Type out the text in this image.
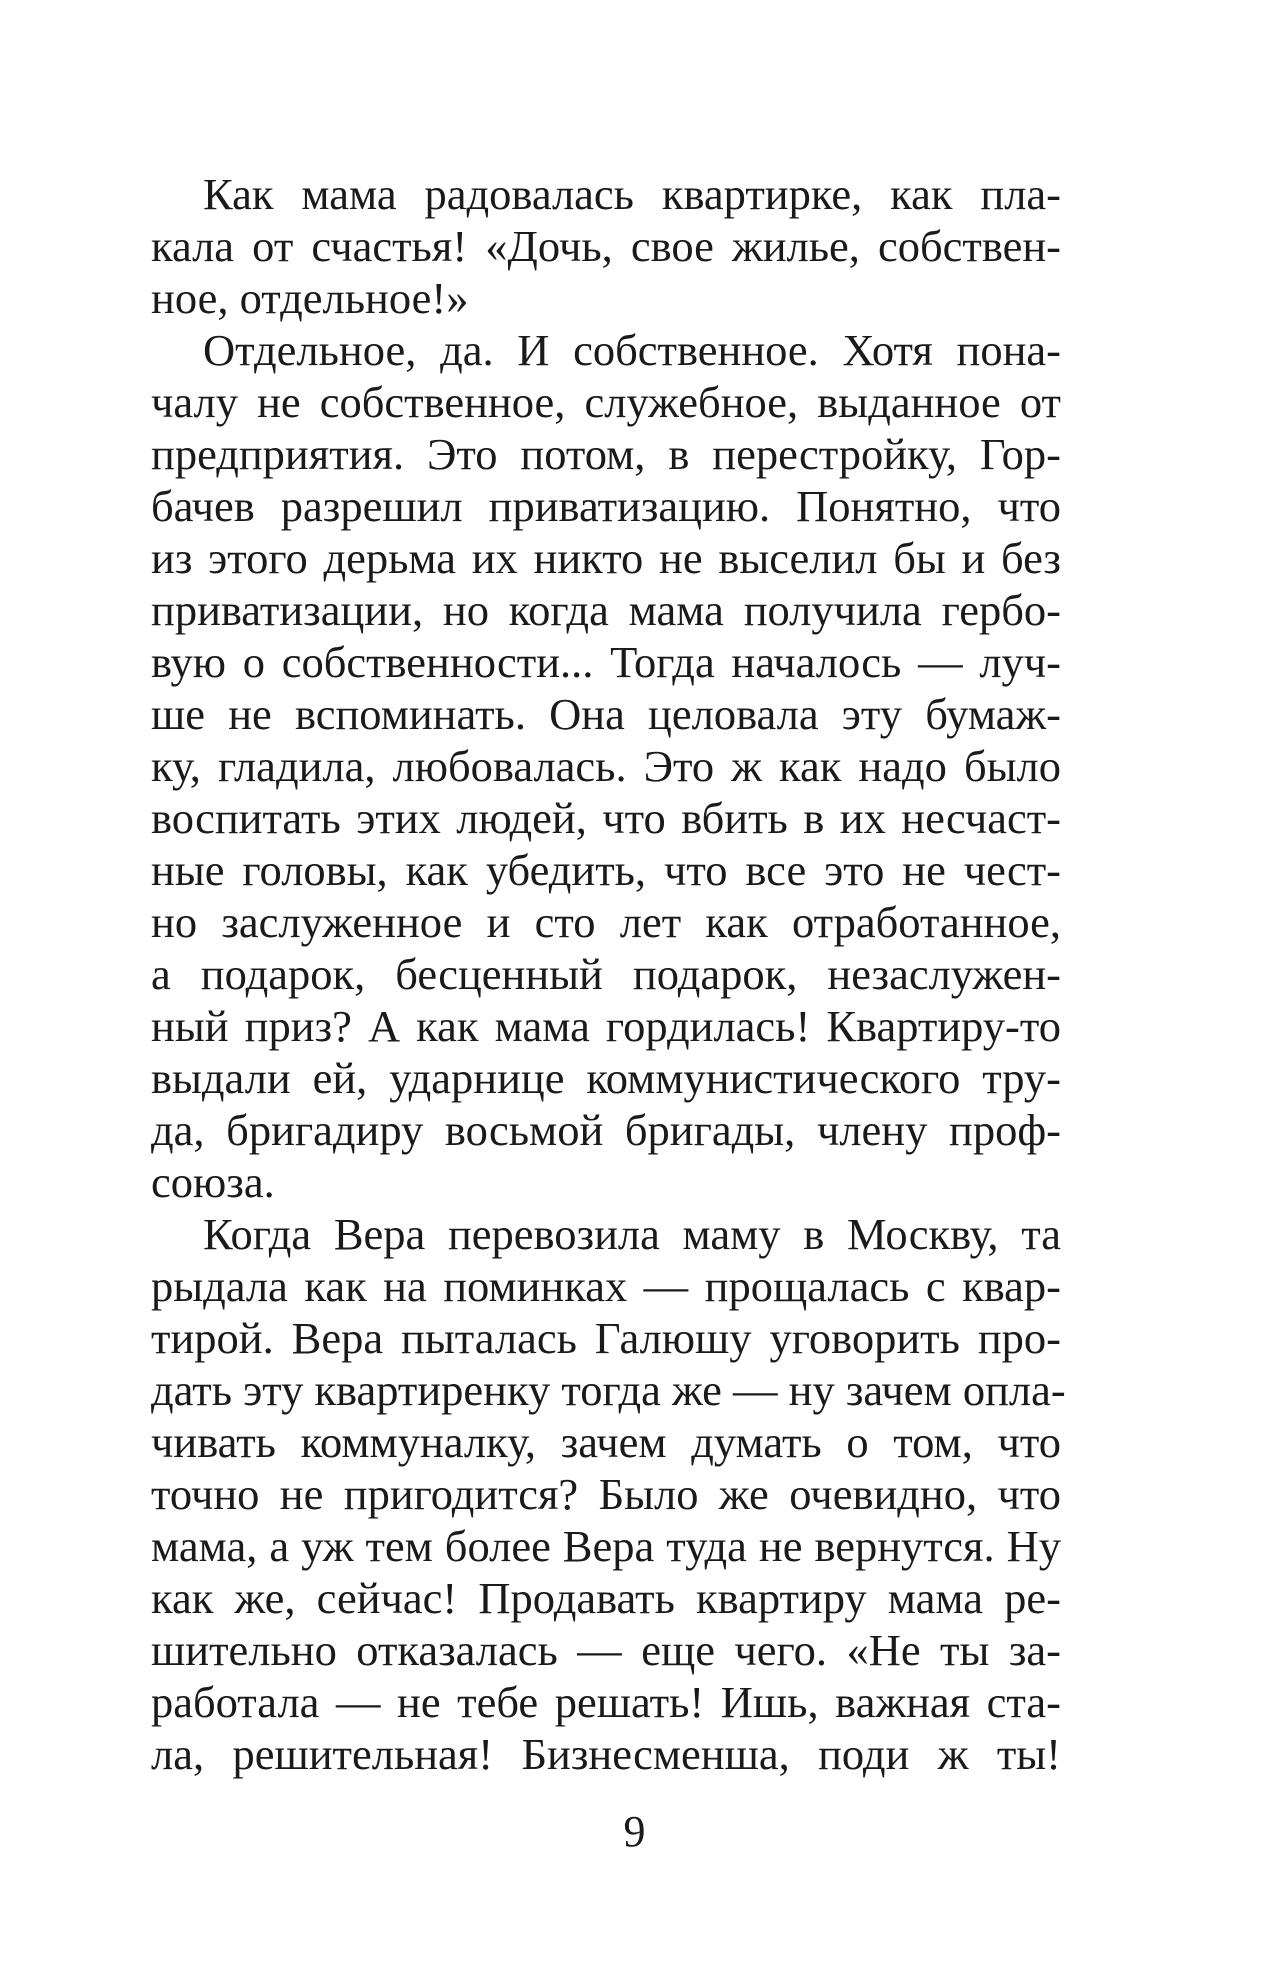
Как мама радовалась квартирке, как пла-
кала от счастья! «Дочь, свое жилье, собствен-
ное, отдельное!»
Отдельное, да. И собственное. Хотя пона-
чалу не собственное, служебное, выданное от
предприятия. Это потом, в перестройку, Гор-
бачев разрешил приватизацию. Понятно, что
из этого дерьма их никто не выселил бы и без
приватизации, но когда мама получила гербо-
вую о собственности... Тогда началось — луч-
ше не вспоминать. Она целовала эту бумаж-
ку, гладила, любовалась. Это ж как надо было
воспитать этих людей, что вбить в их несчаст-
ные головы, как убедить, что все это не чест-
но заслуженное и сто лет как отработанное,
а подарок, бесценный подарок, незаслужен-
ный приз? А как мама гордилась! Квартиру-то
выдали ей, ударнице коммунистического тру-
да, бригадиру восьмой бригады, члену проф-
союза.
Когда Вера перевозила маму в Москву, та
рыдала как на поминках — прощалась с квар-
тирой. Вера пыталась Галюшу уговорить про-
дать эту квартиренку тогда же — ну зачем опла-
чивать коммуналку, зачем думать о том, что
точно не пригодится? Было же очевидно, что
мама, а уж тем более Вера туда не вернутся. Ну
как же, сейчас! Продавать квартиру мама ре-
шительно отказалась — еще чего. «Не ты за-
работала — не тебе решать! Ишь, важная ста-
ла, решительная! Бизнесменша, поди ж ты!
9
